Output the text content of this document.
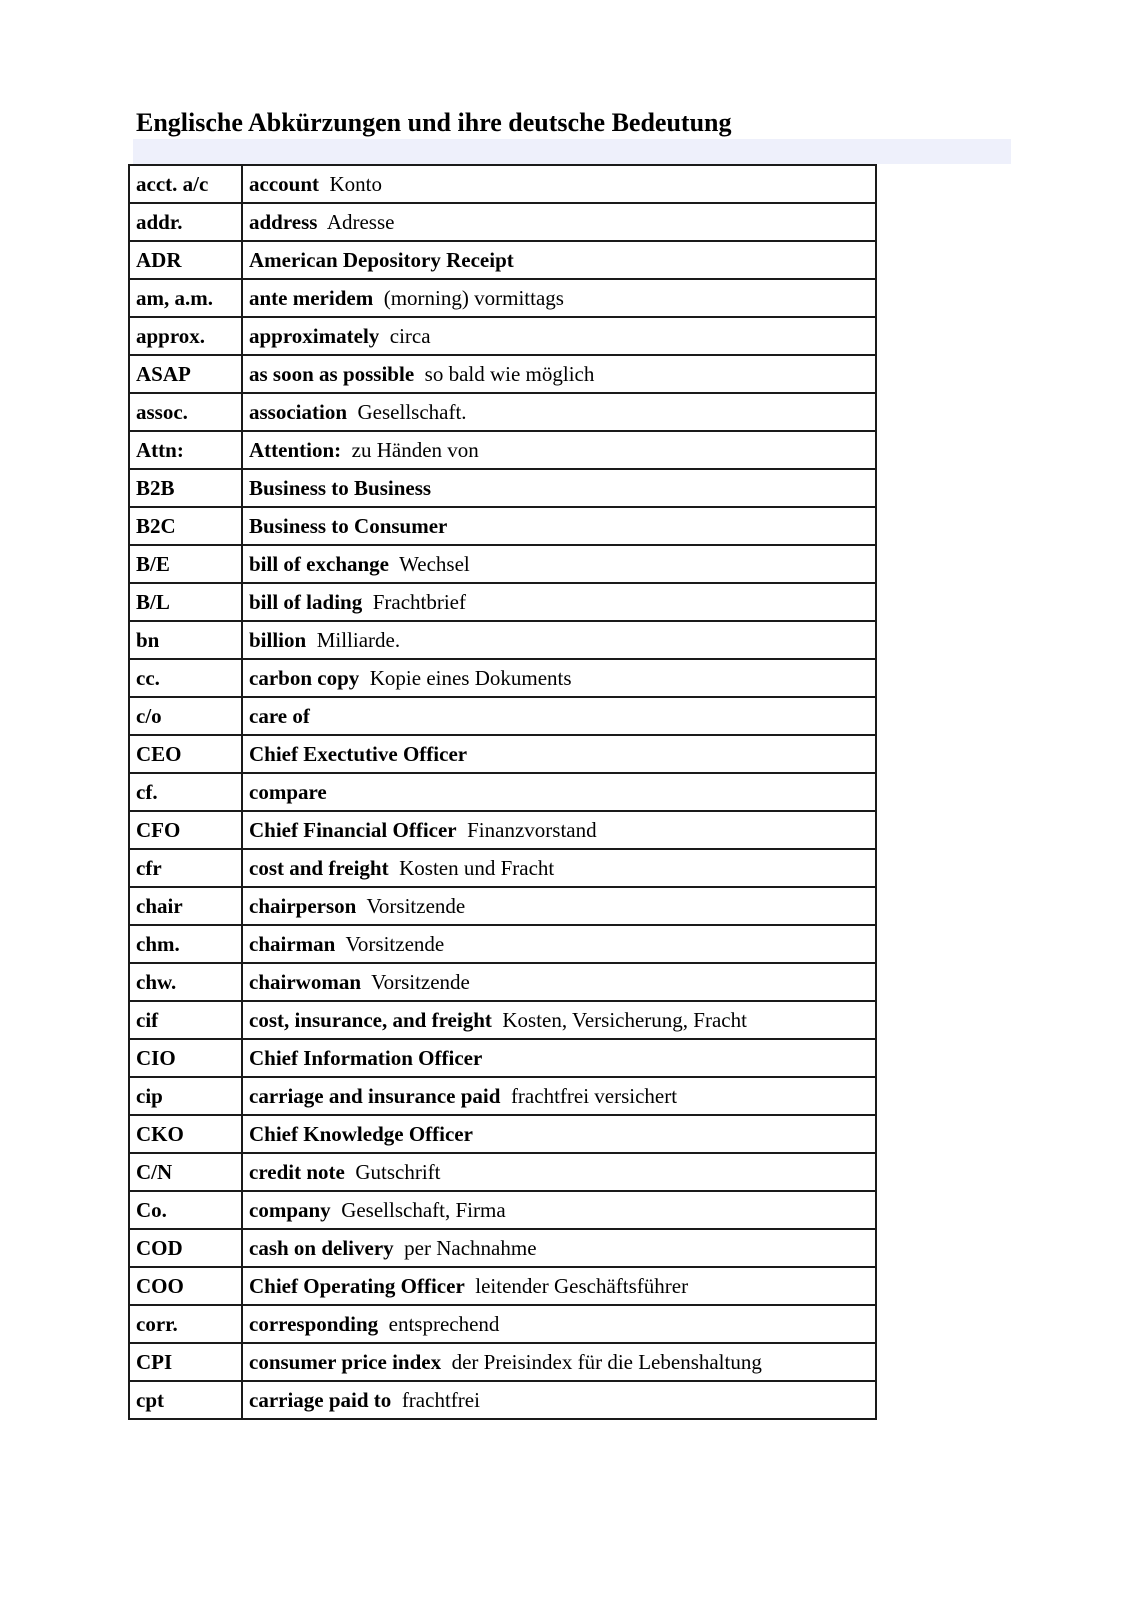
Englische Abkürzungen und ihre deutsche Bedeutung
acct. a/c	account Konto
addr.	address Adresse
ADR	American Depository Receipt
am, a.m.	ante meridem (morning) vormittags
approx.	approximately circa
ASAP	as soon as possible so bald wie möglich
assoc.	association Gesellschaft.
Attn:	Attention: zu Händen von
B2B	Business to Business
B2C	Business to Consumer
B/E	bill of exchange Wechsel
B/L	bill of lading Frachtbrief
bn	billion Milliarde.
cc.	carbon copy Kopie eines Dokuments
c/o	care of
CEO	Chief Exectutive Officer
cf.	compare
CFO	Chief Financial Officer Finanzvorstand
cfr	cost and freight Kosten und Fracht
chair	chairperson Vorsitzende
chm.	chairman Vorsitzende
chw.	chairwoman Vorsitzende
cif	cost, insurance, and freight Kosten, Versicherung, Fracht
CIO	Chief Information Officer
cip	carriage and insurance paid frachtfrei versichert
CKO	Chief Knowledge Officer
C/N	credit note Gutschrift
Co.	company Gesellschaft, Firma
COD	cash on delivery per Nachnahme
COO	Chief Operating Officer leitender Geschäftsführer
corr.	corresponding entsprechend
CPI	consumer price index der Preisindex für die Lebenshaltung
cpt	carriage paid to frachtfrei
